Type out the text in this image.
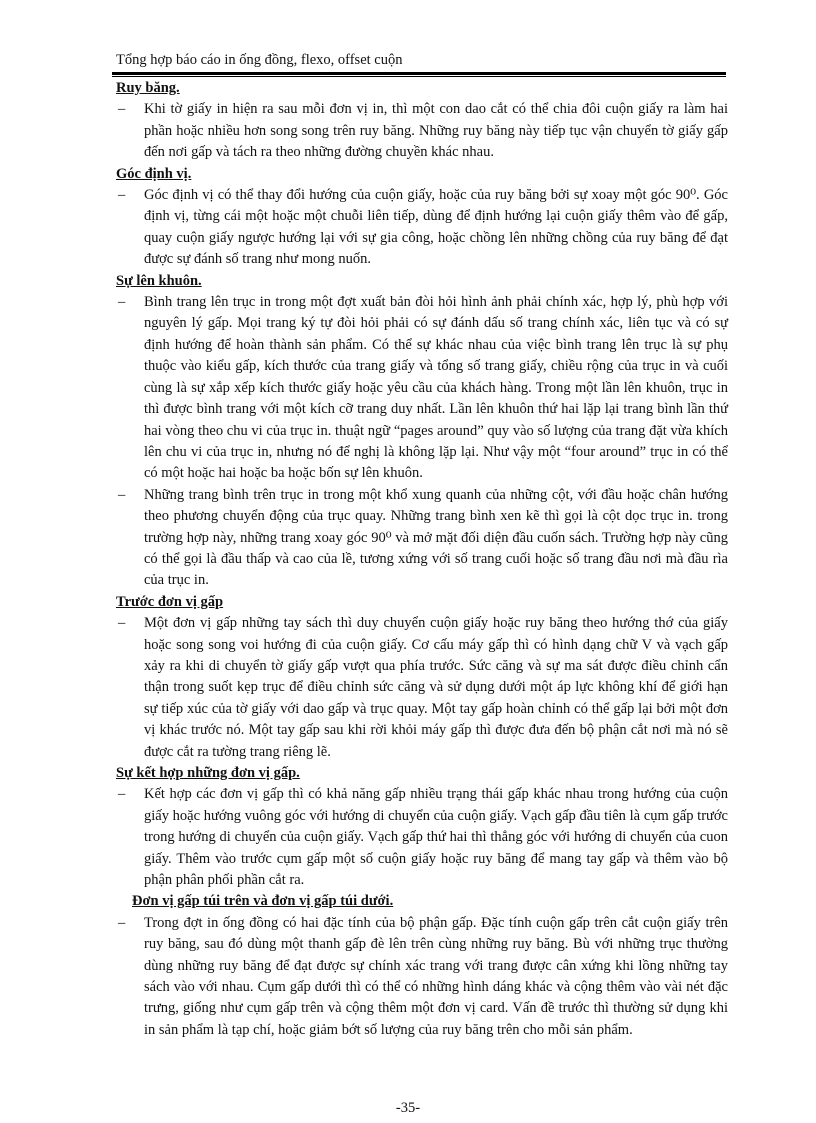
Tổng hợp báo cáo in ống đồng, flexo, offset cuộn
Ruy băng.
– Khi tờ giấy in hiện ra sau mỗi đơn vị in, thì một con dao cắt có thể chia đôi cuộn giấy ra làm hai phần hoặc nhiều hơn song song trên ruy băng. Những ruy băng này tiếp tục vận chuyển tờ giấy gấp đến nơi gấp và tách ra theo những đường chuyền khác nhau.
Góc định vị.
– Góc định vị có thể thay đổi hướng của cuộn giấy, hoặc của ruy băng bởi sự xoay một góc 90⁰. Góc định vị, từng cái một hoặc một chuỗi liên tiếp, dùng để định hướng lại cuộn giấy thêm vào để gấp, quay cuộn giấy ngược hướng lại với sự gia công, hoặc chồng lên những chồng của ruy băng để đạt được sự đánh số trang như mong nuốn.
Sự lên khuôn.
– Bình trang lên trục in trong một đợt xuất bản đòi hỏi hình ảnh phải chính xác, hợp lý, phù hợp với nguyên lý gấp. Mọi trang ký tự đòi hỏi phải có sự đánh dấu số trang chính xác, liên tục và có sự định hướng để hoàn thành sản phẩm. Có thể sự khác nhau của việc bình trang lên trục là sự phụ thuộc vào kiểu gấp, kích thước của trang giấy và tổng số trang giấy, chiều rộng của trục in và cuối cùng là sự xắp xếp kích thước giấy hoặc yêu cầu của khách hàng. Trong một lần lên khuôn, trục in thì được bình trang với một kích cỡ trang duy nhất. Lần lên khuôn thứ hai lặp lại trang bình lần thứ hai vòng theo chu vi của trục in. thuật ngữ “pages around” quy vào số lượng của trang đặt vừa khích lên chu vi của trục in, nhưng nó để nghị là không lặp lại. Như vậy một “four around” trục in có thể có một hoặc hai hoặc ba hoặc bốn sự lên khuôn.
– Những trang bình trên trục in trong một khổ xung quanh của những cột, với đầu hoặc chân hướng theo phương chuyển động của trục quay. Những trang bình xen kẽ thì gọi là cột dọc trục in. trong trường hợp này, những trang xoay góc 90⁰ và mở mặt đối diện đầu cuốn sách. Trường hợp này cũng có thể gọi là đầu thấp và cao của lề, tương xứng với số trang cuối hoặc số trang đầu nơi mà đầu rìa của trục in.
Trước đơn vị gấp
– Một đơn vị gấp những tay sách thì duy chuyển cuộn giấy hoặc ruy băng theo hướng thớ của giấy hoặc song song voi hướng đi của cuộn giấy. Cơ cấu máy gấp thì có hình dạng chữ V và vạch gấp xảy ra khi di chuyển tờ giấy gấp vượt qua phía trước. Sức căng và sự ma sát được điều chỉnh cẩn thận trong suốt kẹp trục để điều chỉnh sức căng và sử dụng dưới một áp lực không khí để giới hạn sự tiếp xúc của tờ giấy với dao gấp và trục quay. Một tay gấp hoàn chỉnh có thể gấp lại bởi một đơn vị khác trước nó. Một tay gấp sau khi rời khỏi máy gấp thì được đưa đến bộ phận cắt nơi mà nó sẽ được cắt ra tường trang riêng lẽ.
Sự kết hợp những đơn vị gấp.
– Kết hợp các đơn vị gấp thì có khả năng gấp nhiều trạng thái gấp khác nhau trong hướng của cuộn giấy hoặc hướng vuông góc với hướng di chuyển của cuộn giấy. Vạch gấp đầu tiên là cụm gấp trước trong hướng di chuyển của cuộn giấy. Vạch gấp thứ hai thì thẳng góc với hướng di chuyển của cuon giấy. Thêm vào trước cụm gấp một số cuộn giấy hoặc ruy băng để mang tay gấp và thêm vào bộ phận phân phối phần cắt ra.
Đơn vị gấp túi trên và đơn vị gấp túi dưới.
– Trong đợt in ống đồng có hai đặc tính của bộ phận gấp. Đặc tính cuộn gấp trên cắt cuộn giấy trên ruy băng, sau đó dùng một thanh gấp đè lên trên cùng những ruy băng. Bù với những trục thường dùng những ruy băng để đạt được sự chính xác trang với trang được cân xứng khi lồng những tay sách vào với nhau. Cụm gấp dưới thì có thể có những hình dáng khác và cộng thêm vào vài nét đặc trưng, giống như cụm gấp trên và cộng thêm một đơn vị card. Vấn đề trước thì thường sử dụng khi in sản phẩm là tạp chí, hoặc giảm bớt số lượng của ruy băng trên cho mỗi sản phẩm.
-35-
